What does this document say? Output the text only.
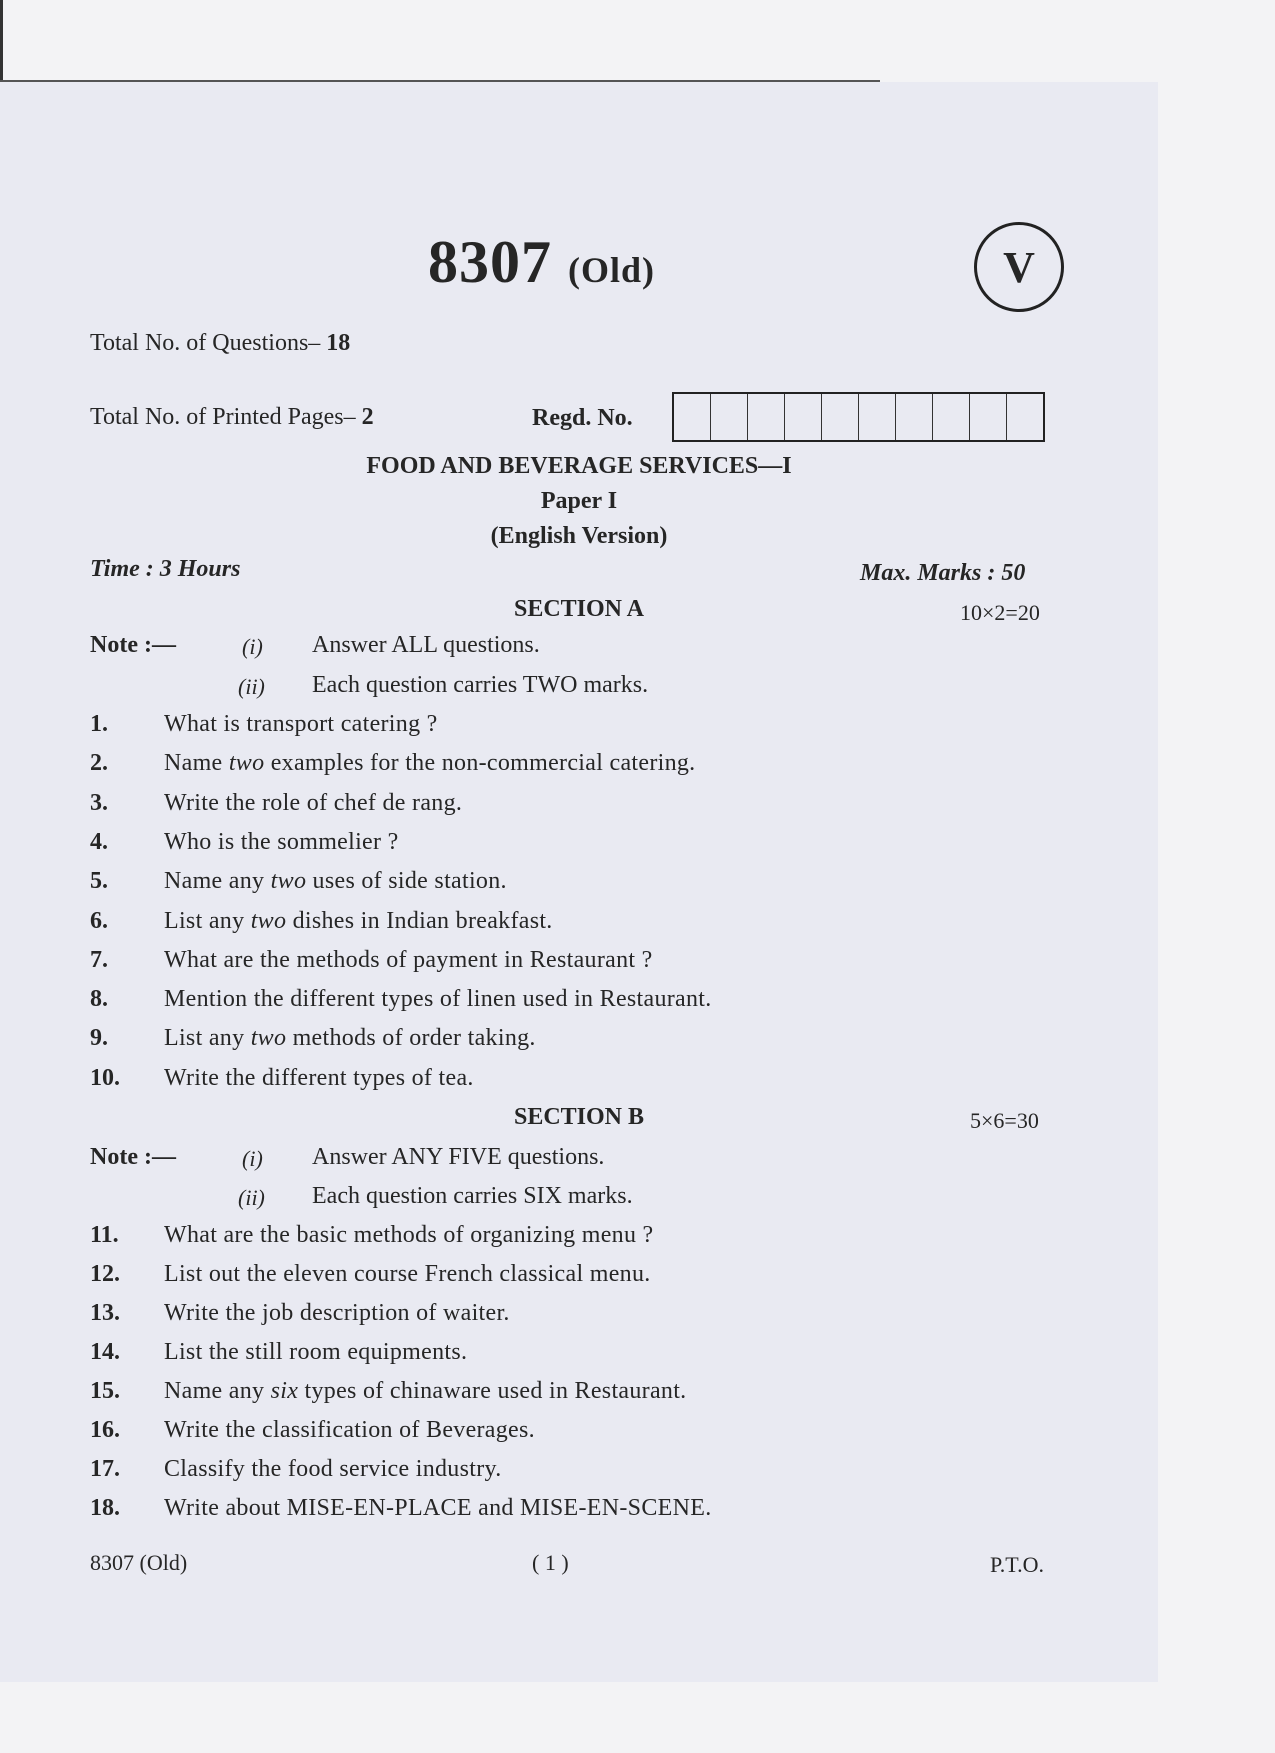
8307 (Old)	V
Total No. of Questions– 18
Total No. of Printed Pages– 2	Regd. No.
FOOD AND BEVERAGE SERVICES—I
Paper I
(English Version)
Time : 3 Hours	Max. Marks : 50
SECTION A	10×2=20
Note :—	(i) Answer ALL questions.
(ii) Each question carries TWO marks.
1. What is transport catering ?
2. Name two examples for the non-commercial catering.
3. Write the role of chef de rang.
4. Who is the sommelier ?
5. Name any two uses of side station.
6. List any two dishes in Indian breakfast.
7. What are the methods of payment in Restaurant ?
8. Mention the different types of linen used in Restaurant.
9. List any two methods of order taking.
10. Write the different types of tea.
SECTION B	5×6=30
Note :—	(i) Answer ANY FIVE questions.
(ii) Each question carries SIX marks.
11. What are the basic methods of organizing menu ?
12. List out the eleven course French classical menu.
13. Write the job description of waiter.
14. List the still room equipments.
15. Name any six types of chinaware used in Restaurant.
16. Write the classification of Beverages.
17. Classify the food service industry.
18. Write about MISE-EN-PLACE and MISE-EN-SCENE.
8307 (Old)	( 1 )	P.T.O.
